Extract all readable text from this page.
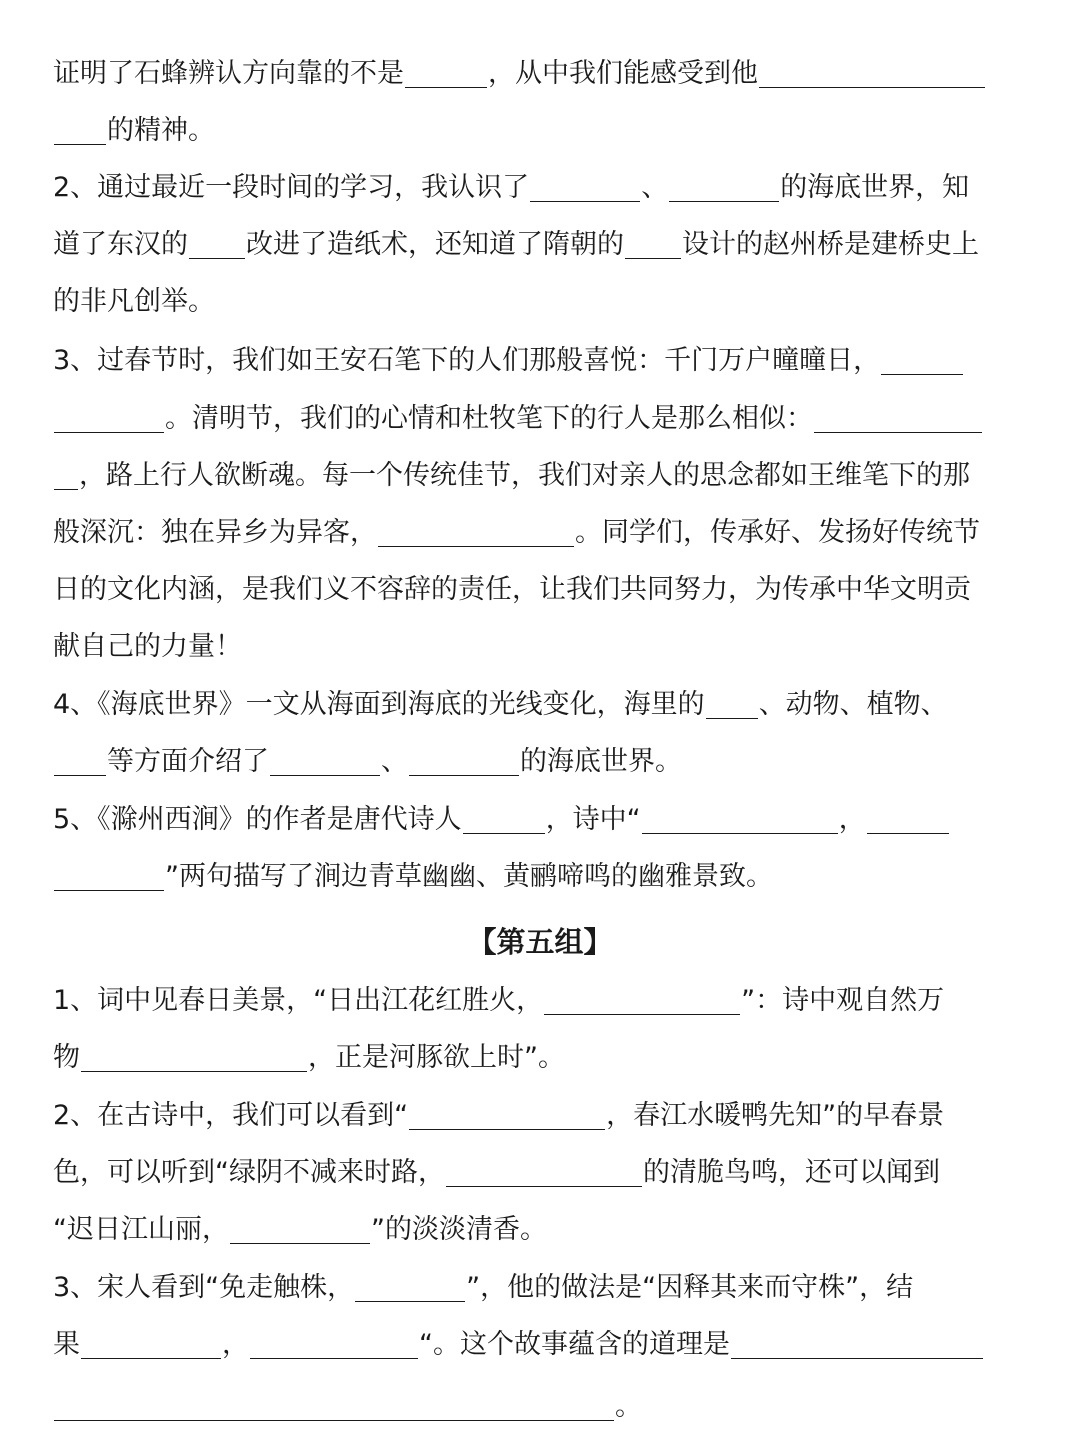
【第五组】
证明了石蜂辨认方向靠的不是	，从中我们能感受到他
的精神。
2、通过最近一段时间的学习，我认识了	、	的海底世界，知
道了东汉的 改进了造纸术，还知道了隋朝的 设计的赵州桥是建桥史上
的非凡创举。
3、过春节时，我们如王安石笔下的人们那般喜悦：千门万户曈曈日，
。清明节，我们的心情和杜牧笔下的行人是那么相似：
，路上行人欲断魂。每一个传统佳节，我们对亲人的思念都如王维笔下的那
般深沉：独在异乡为异客，	。同学们，传承好、发扬好传统节
日的文化内涵，是我们义不容辞的责任，让我们共同努力，为传承中华文明贡
献自己的力量！
4、《海底世界》一文从海面到海底的光线变化，海里的 、动物、植物、
等方面介绍了	、	的海底世界。
5、《滁州西涧》的作者是唐代诗人	，诗中“	，
”两句描写了涧边青草幽幽、黄鹂啼鸣的幽雅景致。
1、词中见春日美景，“日出江花红胜火，	”：诗中观自然万
物	，正是河豚欲上时”。
2、在古诗中，我们可以看到“	，春江水暖鸭先知”的早春景
色，可以听到“绿阴不减来时路，	的清脆鸟鸣，还可以闻到
“迟日江山丽，	”的淡淡清香。
3、宋人看到“免走触株，	”，他的做法是“因释其来而守株”，结
果	，	“。这个故事蕴含的道理是
。
